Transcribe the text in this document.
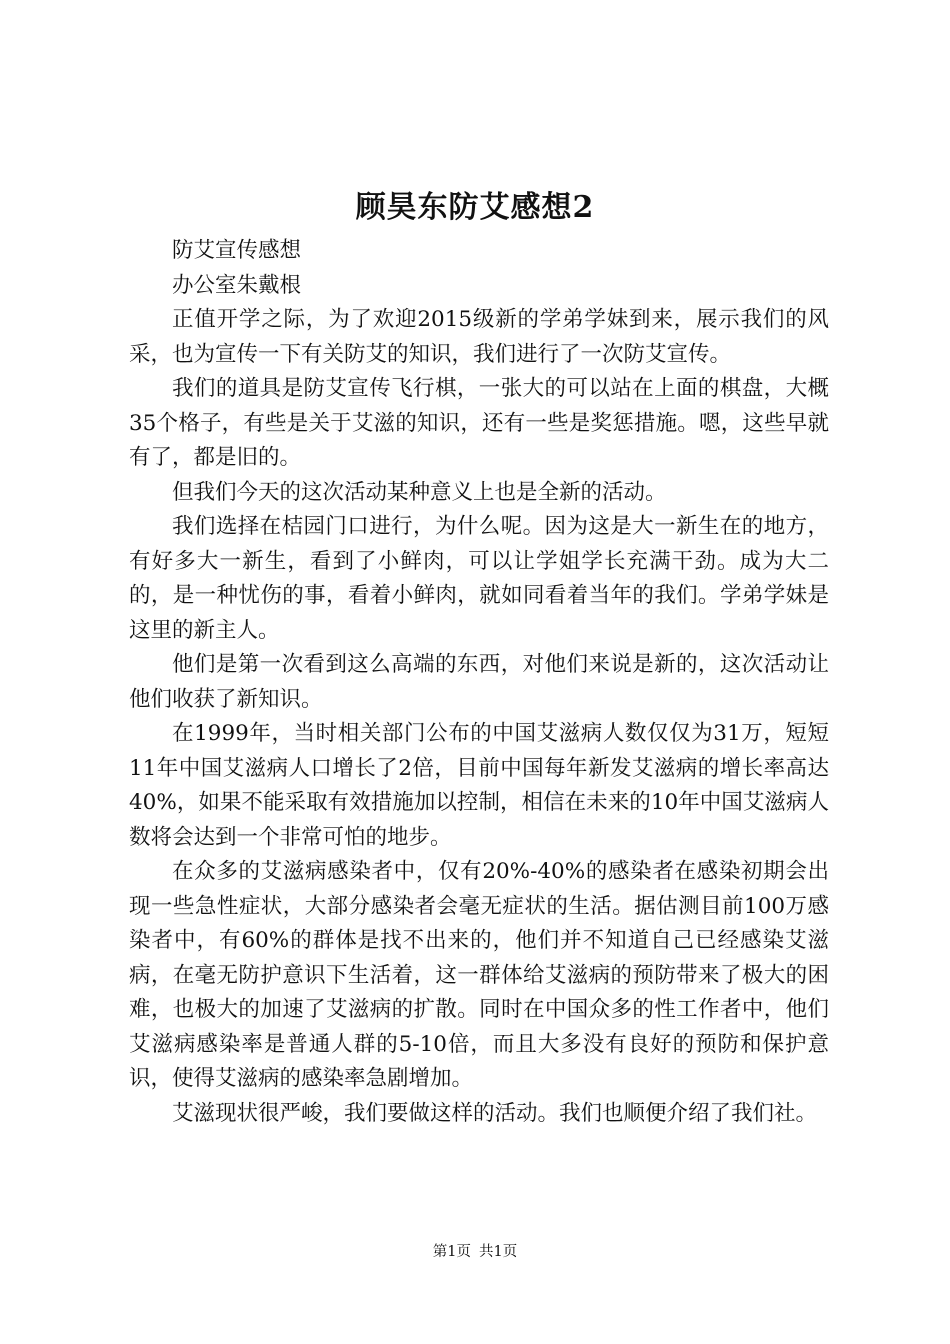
顾昊东防艾感想2

防艾宣传感想

办公室朱戴根

正值开学之际，为了欢迎2015级新的学弟学妹到来，展示我们的风采，也为宣传一下有关防艾的知识，我们进行了一次防艾宣传。

我们的道具是防艾宣传飞行棋，一张大的可以站在上面的棋盘，大概35个格子，有些是关于艾滋的知识，还有一些是奖惩措施。嗯，这些早就有了，都是旧的。

但我们今天的这次活动某种意义上也是全新的活动。

我们选择在桔园门口进行，为什么呢。因为这是大一新生在的地方，有好多大一新生，看到了小鲜肉，可以让学姐学长充满干劲。成为大二的，是一种忧伤的事，看着小鲜肉，就如同看着当年的我们。学弟学妹是这里的新主人。

他们是第一次看到这么高端的东西，对他们来说是新的，这次活动让他们收获了新知识。

在1999年，当时相关部门公布的中国艾滋病人数仅仅为31万，短短11年中国艾滋病人口增长了2倍，目前中国每年新发艾滋病的增长率高达40%，如果不能采取有效措施加以控制，相信在未来的10年中国艾滋病人数将会达到一个非常可怕的地步。

在众多的艾滋病感染者中，仅有20%-40%的感染者在感染初期会出现一些急性症状，大部分感染者会毫无症状的生活。据估测目前100万感染者中，有60%的群体是找不出来的，他们并不知道自己已经感染艾滋病，在毫无防护意识下生活着，这一群体给艾滋病的预防带来了极大的困难，也极大的加速了艾滋病的扩散。同时在中国众多的性工作者中，他们艾滋病感染率是普通人群的5-10倍，而且大多没有良好的预防和保护意识，使得艾滋病的感染率急剧增加。

艾滋现状很严峻，我们要做这样的活动。我们也顺便介绍了我们社。

第1页 共1页
